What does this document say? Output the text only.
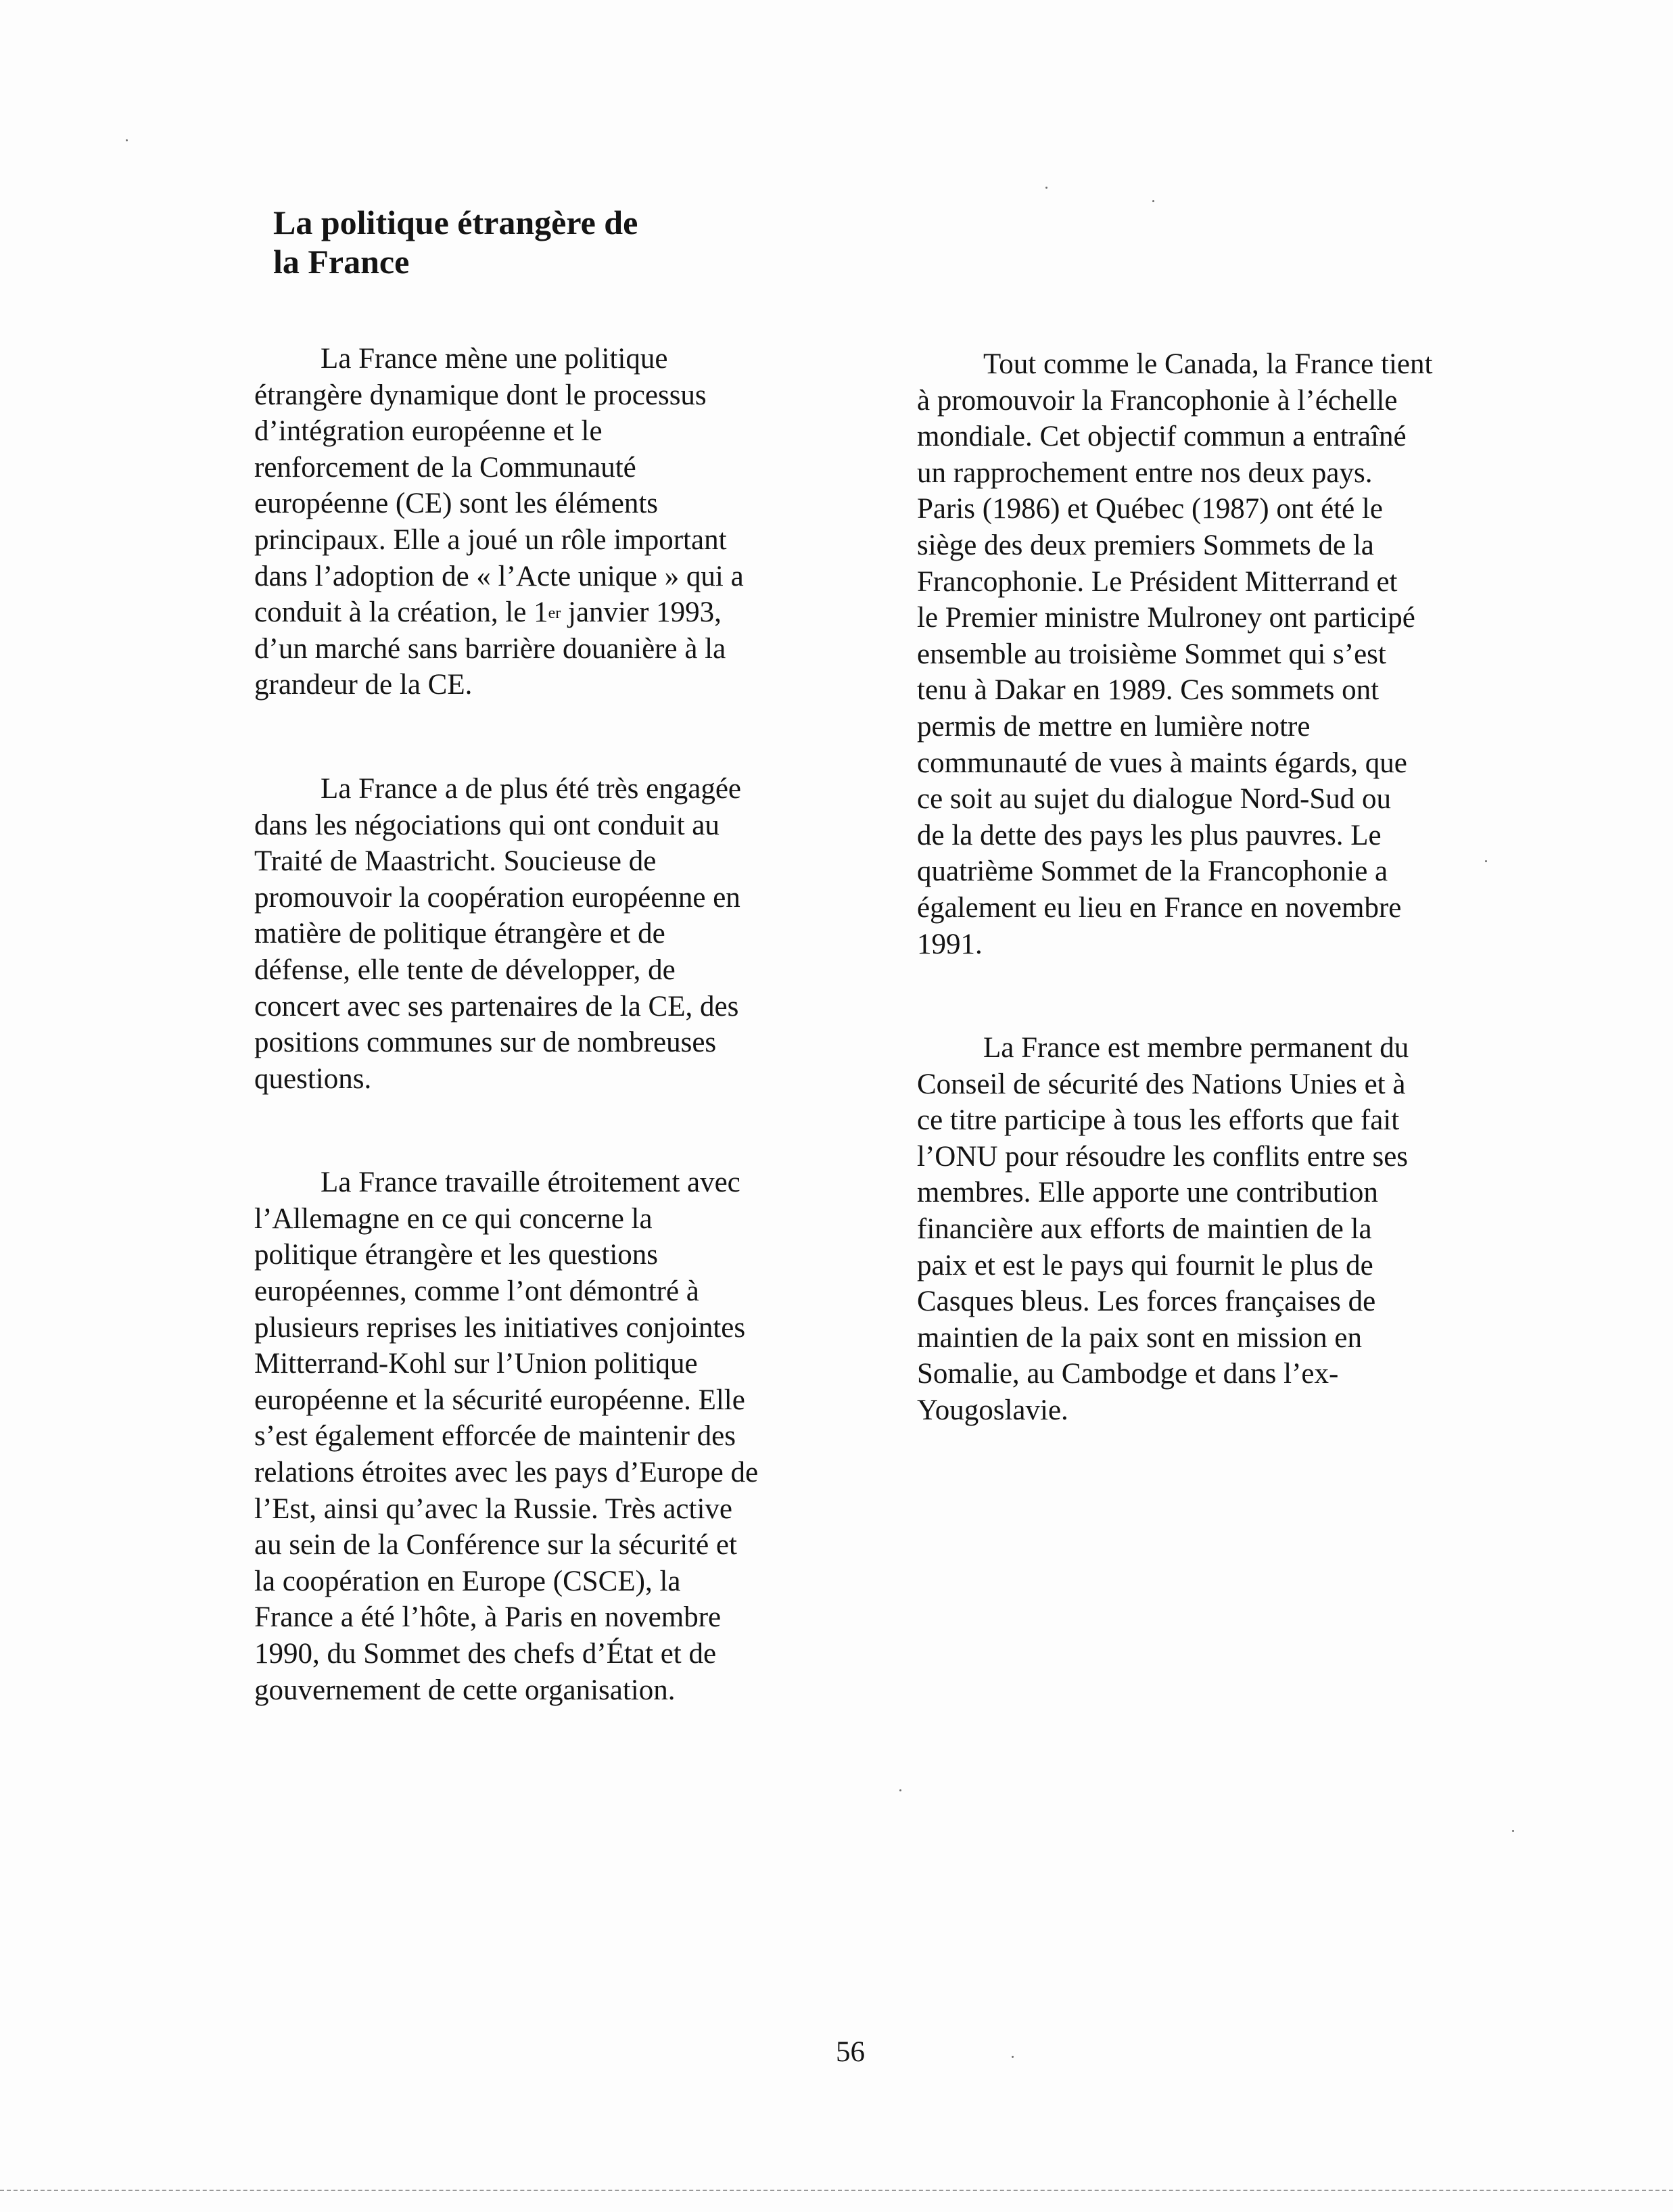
La politique étrangère de
la France

La France mène une politique
étrangère dynamique dont le processus
d’intégration européenne et le
renforcement de la Communauté
européenne (CE) sont les éléments
principaux. Elle a joué un rôle important
dans l’adoption de « l’Acte unique » qui a
conduit à la création, le 1er janvier 1993,
d’un marché sans barrière douanière à la
grandeur de la CE.

La France a de plus été très engagée
dans les négociations qui ont conduit au
Traité de Maastricht. Soucieuse de
promouvoir la coopération européenne en
matière de politique étrangère et de
défense, elle tente de développer, de
concert avec ses partenaires de la CE, des
positions communes sur de nombreuses
questions.

La France travaille étroitement avec
l’Allemagne en ce qui concerne la
politique étrangère et les questions
européennes, comme l’ont démontré à
plusieurs reprises les initiatives conjointes
Mitterrand-Kohl sur l’Union politique
européenne et la sécurité européenne. Elle
s’est également efforcée de maintenir des
relations étroites avec les pays d’Europe de
l’Est, ainsi qu’avec la Russie. Très active
au sein de la Conférence sur la sécurité et
la coopération en Europe (CSCE), la
France a été l’hôte, à Paris en novembre
1990, du Sommet des chefs d’État et de
gouvernement de cette organisation.

Tout comme le Canada, la France tient
à promouvoir la Francophonie à l’échelle
mondiale. Cet objectif commun a entraîné
un rapprochement entre nos deux pays.
Paris (1986) et Québec (1987) ont été le
siège des deux premiers Sommets de la
Francophonie. Le Président Mitterrand et
le Premier ministre Mulroney ont participé
ensemble au troisième Sommet qui s’est
tenu à Dakar en 1989. Ces sommets ont
permis de mettre en lumière notre
communauté de vues à maints égards, que
ce soit au sujet du dialogue Nord-Sud ou
de la dette des pays les plus pauvres. Le
quatrième Sommet de la Francophonie a
également eu lieu en France en novembre
1991.

La France est membre permanent du
Conseil de sécurité des Nations Unies et à
ce titre participe à tous les efforts que fait
l’ONU pour résoudre les conflits entre ses
membres. Elle apporte une contribution
financière aux efforts de maintien de la
paix et est le pays qui fournit le plus de
Casques bleus. Les forces françaises de
maintien de la paix sont en mission en
Somalie, au Cambodge et dans l’ex-
Yougoslavie.

56
